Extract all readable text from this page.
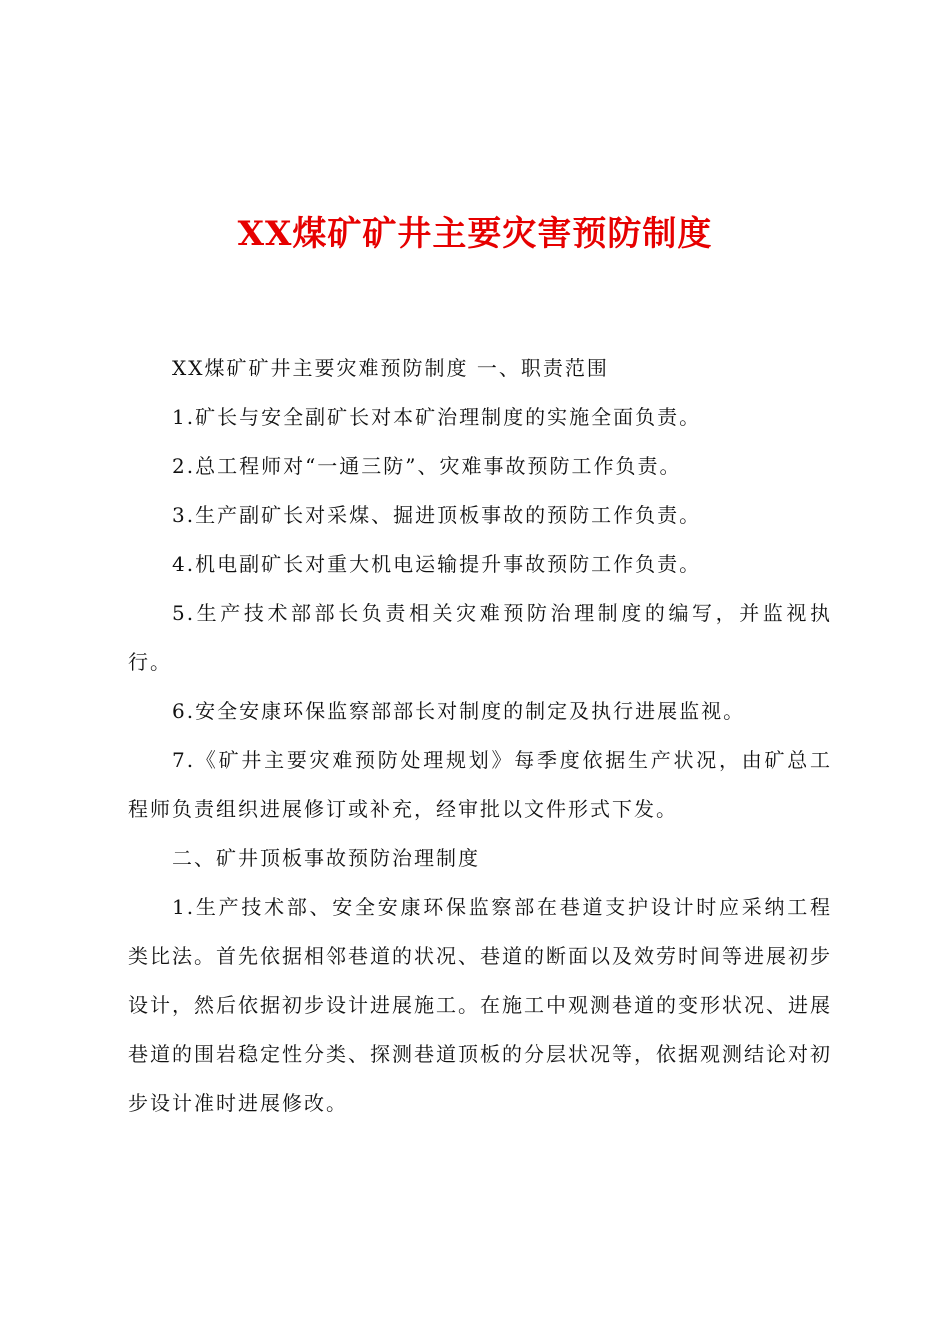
XX煤矿矿井主要灾害预防制度

XX煤矿矿井主要灾难预防制度 一、职责范围

1.矿长与安全副矿长对本矿治理制度的实施全面负责。

2.总工程师对“一通三防”、灾难事故预防工作负责。

3.生产副矿长对采煤、掘进顶板事故的预防工作负责。

4.机电副矿长对重大机电运输提升事故预防工作负责。

5.生产技术部部长负责相关灾难预防治理制度的编写，并监视执行。

6.安全安康环保监察部部长对制度的制定及执行进展监视。

7.《矿井主要灾难预防处理规划》每季度依据生产状况，由矿总工程师负责组织进展修订或补充，经审批以文件形式下发。

二、矿井顶板事故预防治理制度

1.生产技术部、安全安康环保监察部在巷道支护设计时应采纳工程类比法。首先依据相邻巷道的状况、巷道的断面以及效劳时间等进展初步设计，然后依据初步设计进展施工。在施工中观测巷道的变形状况、进展巷道的围岩稳定性分类、探测巷道顶板的分层状况等，依据观测结论对初步设计准时进展修改。
